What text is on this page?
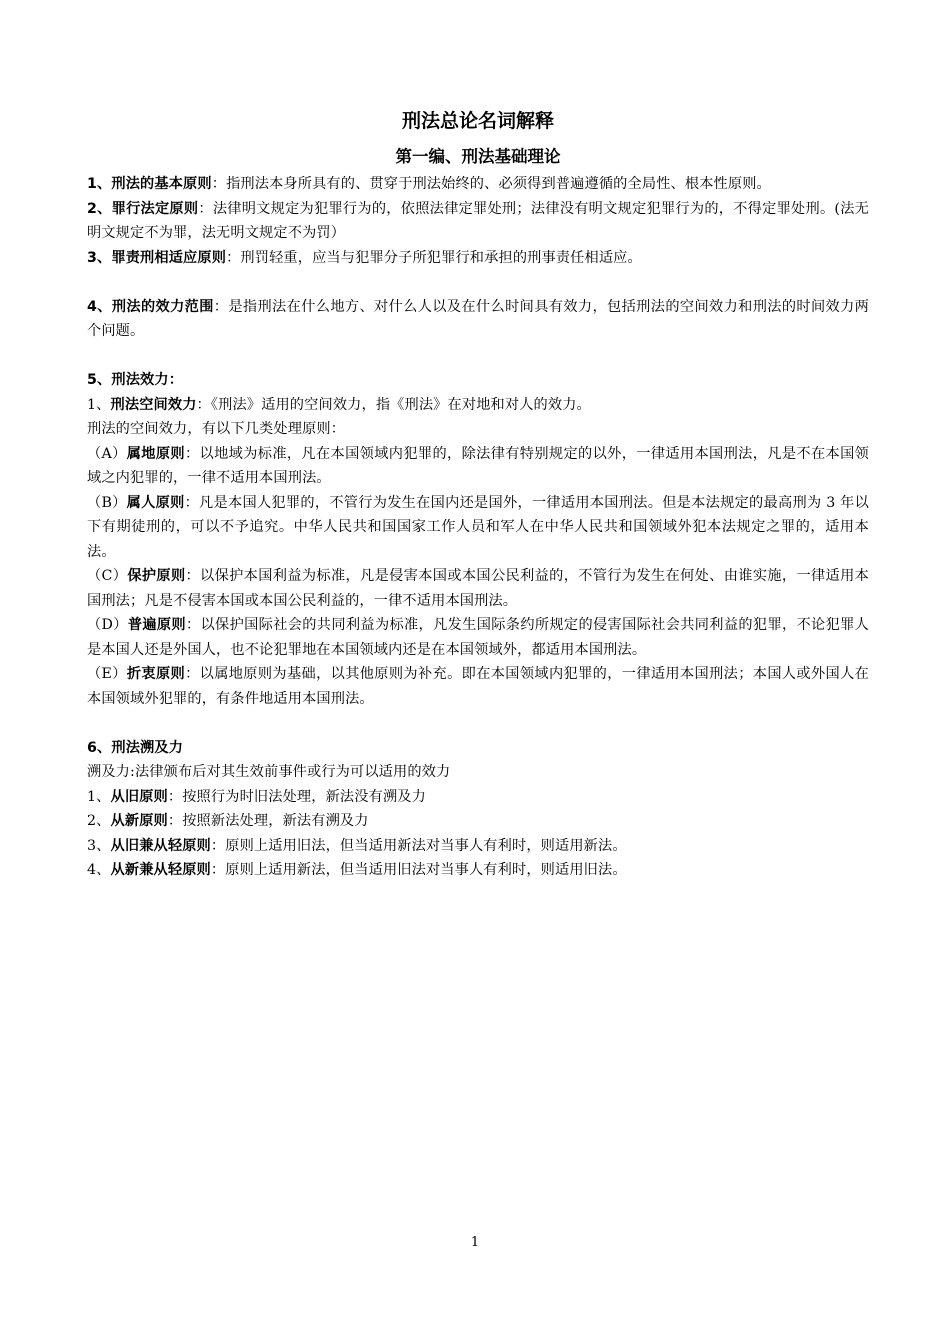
刑法总论名词解释
第一编、刑法基础理论

1、刑法的基本原则：指刑法本身所具有的、贯穿于刑法始终的、必须得到普遍遵循的全局性、根本性原则。

2、罪行法定原则：法律明文规定为犯罪行为的，依照法律定罪处刑；法律没有明文规定犯罪行为的，不得定罪处刑。(法无明文规定不为罪，法无明文规定不为罚）

3、罪责刑相适应原则：刑罚轻重，应当与犯罪分子所犯罪行和承担的刑事责任相适应。

4、刑法的效力范围：是指刑法在什么地方、对什么人以及在什么时间具有效力，包括刑法的空间效力和刑法的时间效力两个问题。

5、刑法效力：

1、刑法空间效力：《刑法》适用的空间效力，指《刑法》在对地和对人的效力。

刑法的空间效力，有以下几类处理原则：

（A）属地原则：以地域为标准，凡在本国领域内犯罪的，除法律有特别规定的以外，一律适用本国刑法，凡是不在本国领域之内犯罪的，一律不适用本国刑法。

（B）属人原则：凡是本国人犯罪的，不管行为发生在国内还是国外，一律适用本国刑法。但是本法规定的最高刑为 3 年以下有期徒刑的，可以不予追究。中华人民共和国国家工作人员和军人在中华人民共和国领域外犯本法规定之罪的，适用本法。

（C）保护原则：以保护本国利益为标准，凡是侵害本国或本国公民利益的，不管行为发生在何处、由谁实施，一律适用本国刑法；凡是不侵害本国或本国公民利益的，一律不适用本国刑法。

（D）普遍原则：以保护国际社会的共同利益为标准，凡发生国际条约所规定的侵害国际社会共同利益的犯罪，不论犯罪人是本国人还是外国人，也不论犯罪地在本国领域内还是在本国领域外，都适用本国刑法。

（E）折衷原则：以属地原则为基础，以其他原则为补充。即在本国领域内犯罪的，一律适用本国刑法；本国人或外国人在本国领域外犯罪的，有条件地适用本国刑法。

6、刑法溯及力

溯及力:法律颁布后对其生效前事件或行为可以适用的效力

1、从旧原则：按照行为时旧法处理，新法没有溯及力

2、从新原则：按照新法处理，新法有溯及力

3、从旧兼从轻原则：原则上适用旧法，但当适用新法对当事人有利时，则适用新法。

4、从新兼从轻原则：原则上适用新法，但当适用旧法对当事人有利时，则适用旧法。

1
